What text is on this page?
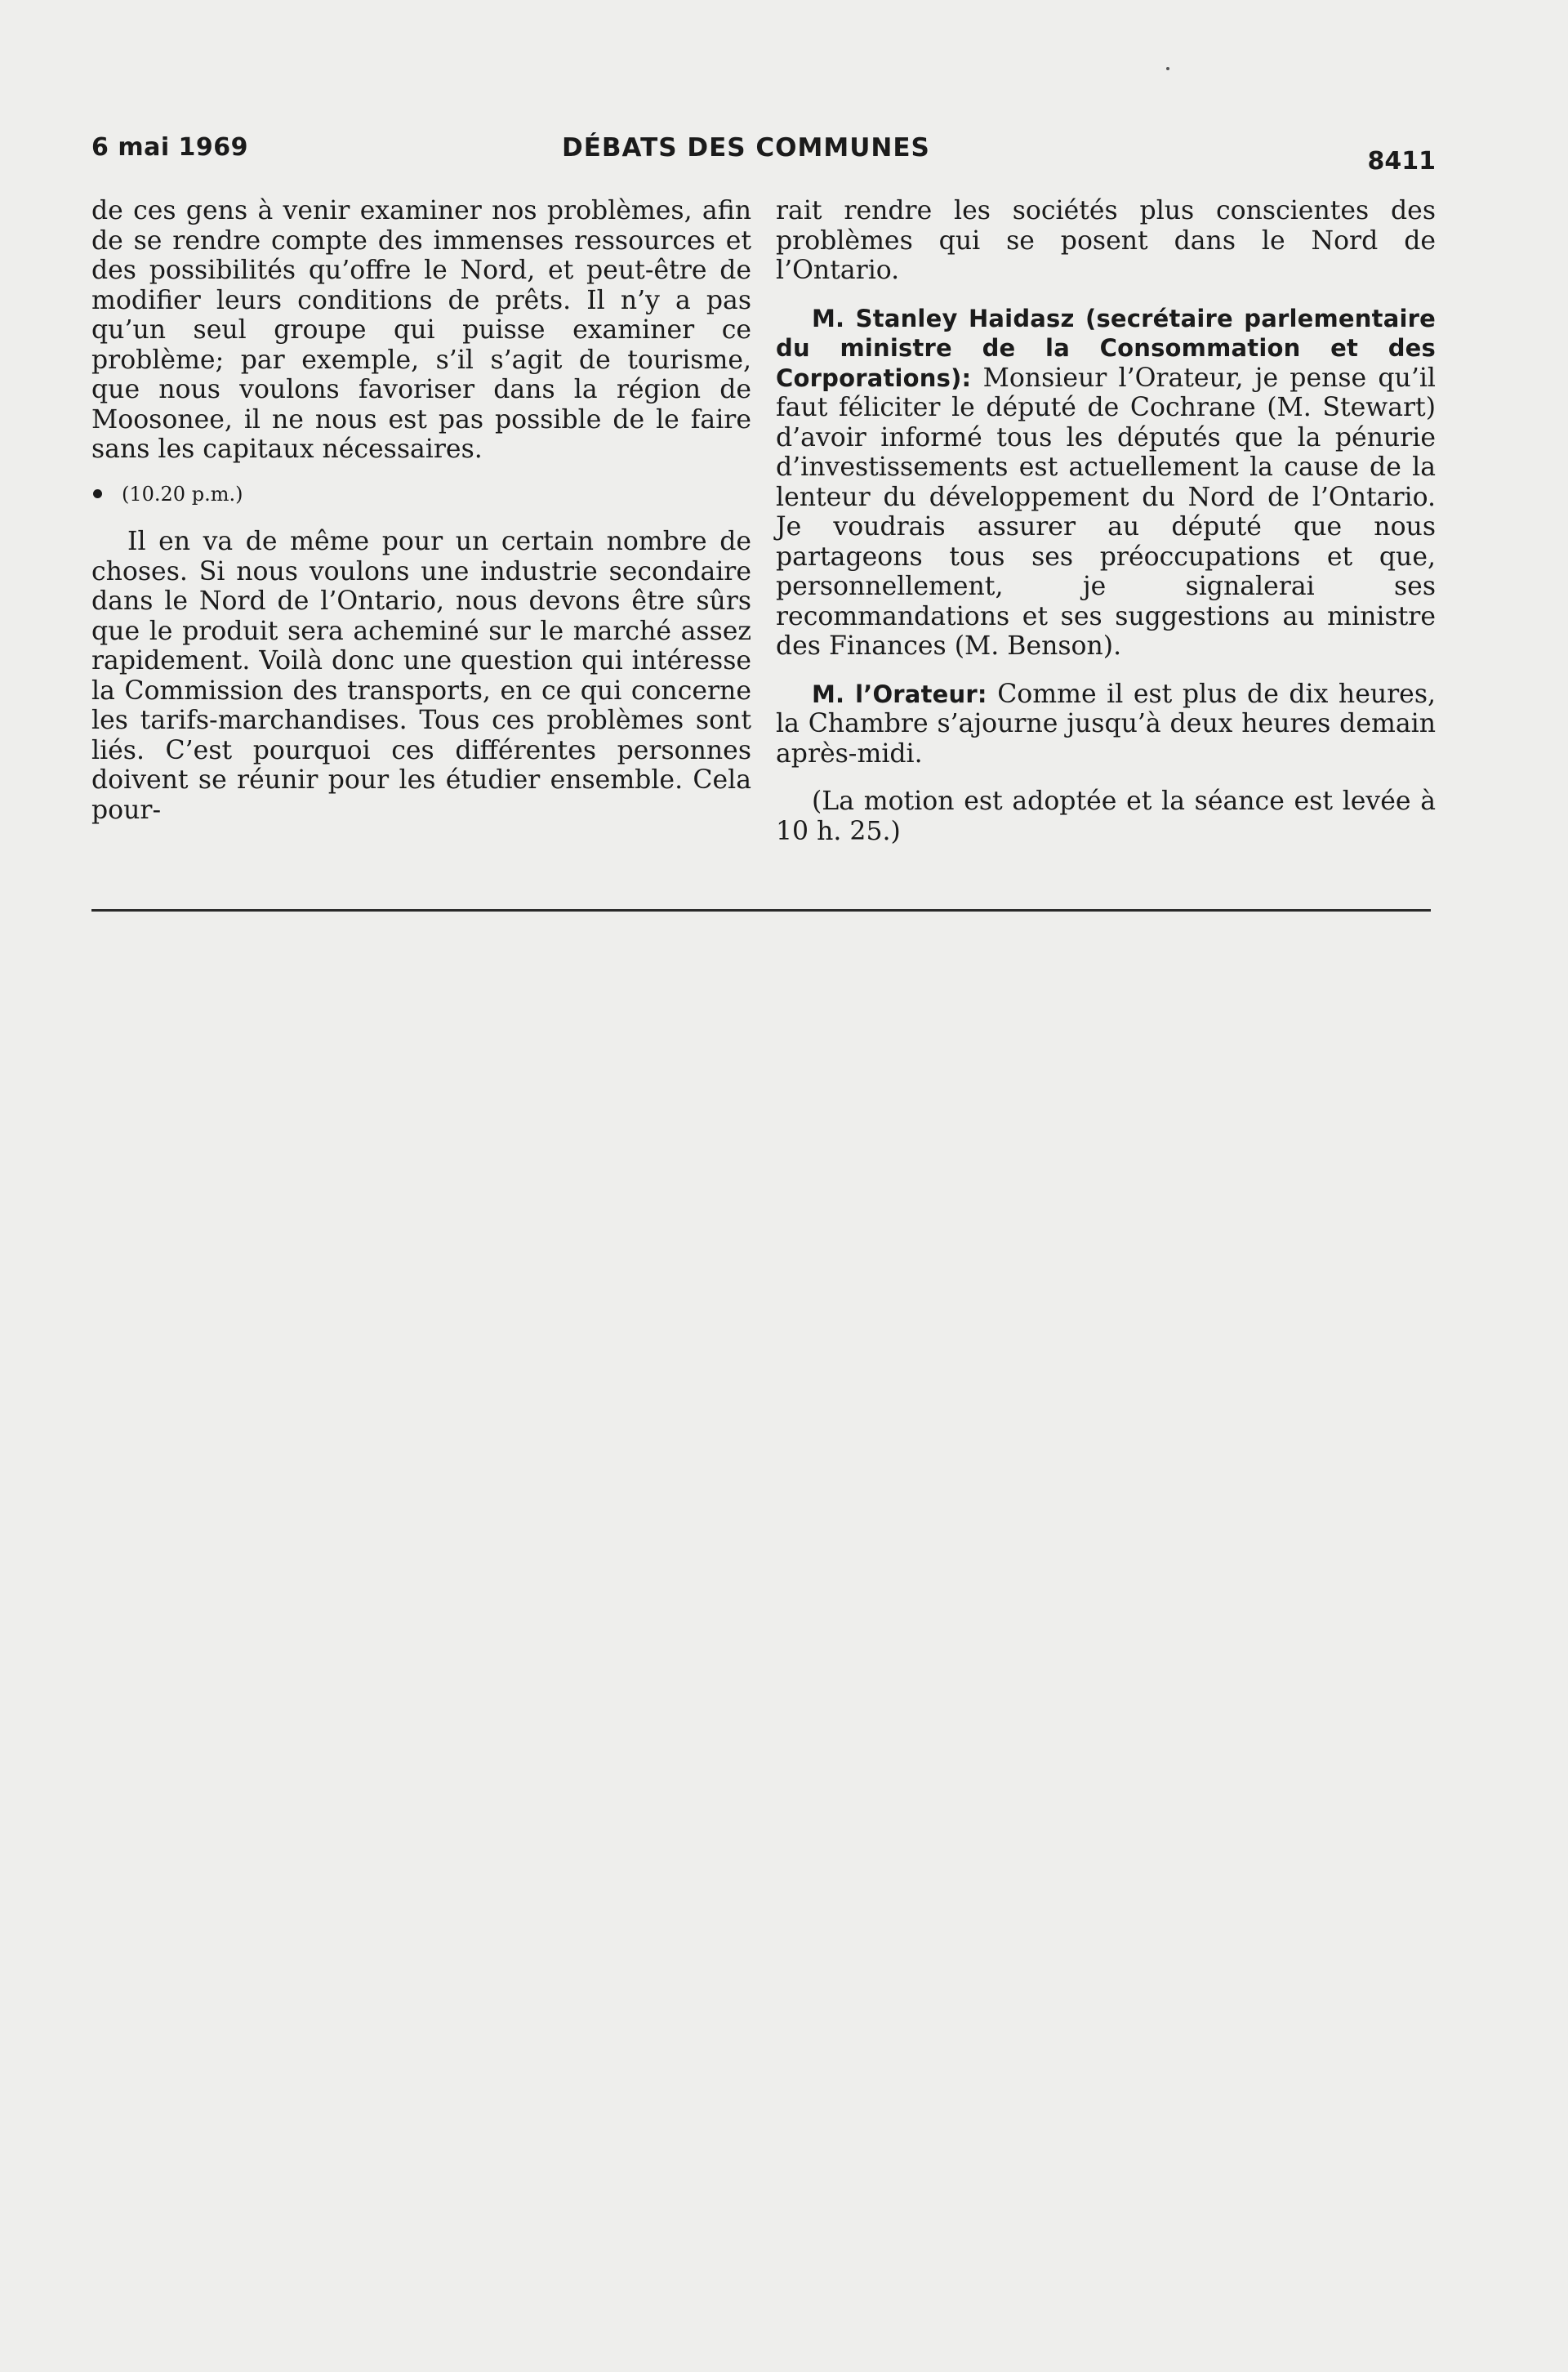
6 mai 1969	DÉBATS DES COMMUNES	8411

de ces gens à venir examiner nos problèmes, afin de se rendre compte des immenses ressources et des possibilités qu’offre le Nord, et peut-être de modifier leurs conditions de prêts. Il n’y a pas qu’un seul groupe qui puisse examiner ce problème; par exemple, s’il s’agit de tourisme, que nous voulons favoriser dans la région de Moosonee, il ne nous est pas possible de le faire sans les capitaux nécessaires.

(10.20 p.m.)

Il en va de même pour un certain nombre de choses. Si nous voulons une industrie secondaire dans le Nord de l’Ontario, nous devons être sûrs que le produit sera acheminé sur le marché assez rapidement. Voilà donc une question qui intéresse la Commission des transports, en ce qui concerne les tarifs-marchandises. Tous ces problèmes sont liés. C’est pourquoi ces différentes personnes doivent se réunir pour les étudier ensemble. Cela pour-

rait rendre les sociétés plus conscientes des problèmes qui se posent dans le Nord de l’Ontario.

M. Stanley Haidasz (secrétaire parlementaire du ministre de la Consommation et des Corporations): Monsieur l’Orateur, je pense qu’il faut féliciter le député de Cochrane (M. Stewart) d’avoir informé tous les députés que la pénurie d’investissements est actuellement la cause de la lenteur du développement du Nord de l’Ontario. Je voudrais assurer au député que nous partageons tous ses préoccupations et que, personnellement, je signalerai ses recommandations et ses suggestions au ministre des Finances (M. Benson).

M. l’Orateur: Comme il est plus de dix heures, la Chambre s’ajourne jusqu’à deux heures demain après-midi.

(La motion est adoptée et la séance est levée à 10 h. 25.)
